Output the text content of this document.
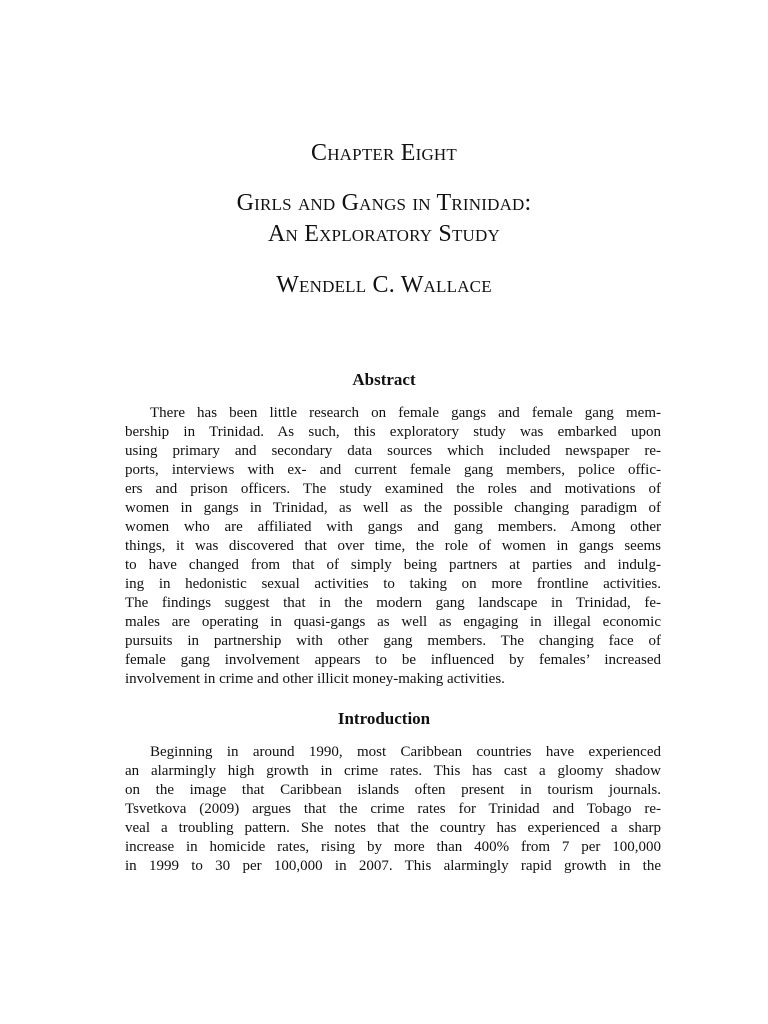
Chapter Eight
Girls and Gangs in Trinidad:
An Exploratory Study
Wendell C. Wallace
Abstract
There has been little research on female gangs and female gang mem-
bership in Trinidad. As such, this exploratory study was embarked upon
using primary and secondary data sources which included newspaper re-
ports, interviews with ex- and current female gang members, police offic-
ers and prison officers. The study examined the roles and motivations of
women in gangs in Trinidad, as well as the possible changing paradigm of
women who are affiliated with gangs and gang members. Among other
things, it was discovered that over time, the role of women in gangs seems
to have changed from that of simply being partners at parties and indulg-
ing in hedonistic sexual activities to taking on more frontline activities.
The findings suggest that in the modern gang landscape in Trinidad, fe-
males are operating in quasi-gangs as well as engaging in illegal economic
pursuits in partnership with other gang members. The changing face of
female gang involvement appears to be influenced by females’ increased
involvement in crime and other illicit money-making activities.
Introduction
Beginning in around 1990, most Caribbean countries have experienced
an alarmingly high growth in crime rates. This has cast a gloomy shadow
on the image that Caribbean islands often present in tourism journals.
Tsvetkova (2009) argues that the crime rates for Trinidad and Tobago re-
veal a troubling pattern. She notes that the country has experienced a sharp
increase in homicide rates, rising by more than 400% from 7 per 100,000
in 1999 to 30 per 100,000 in 2007. This alarmingly rapid growth in the
